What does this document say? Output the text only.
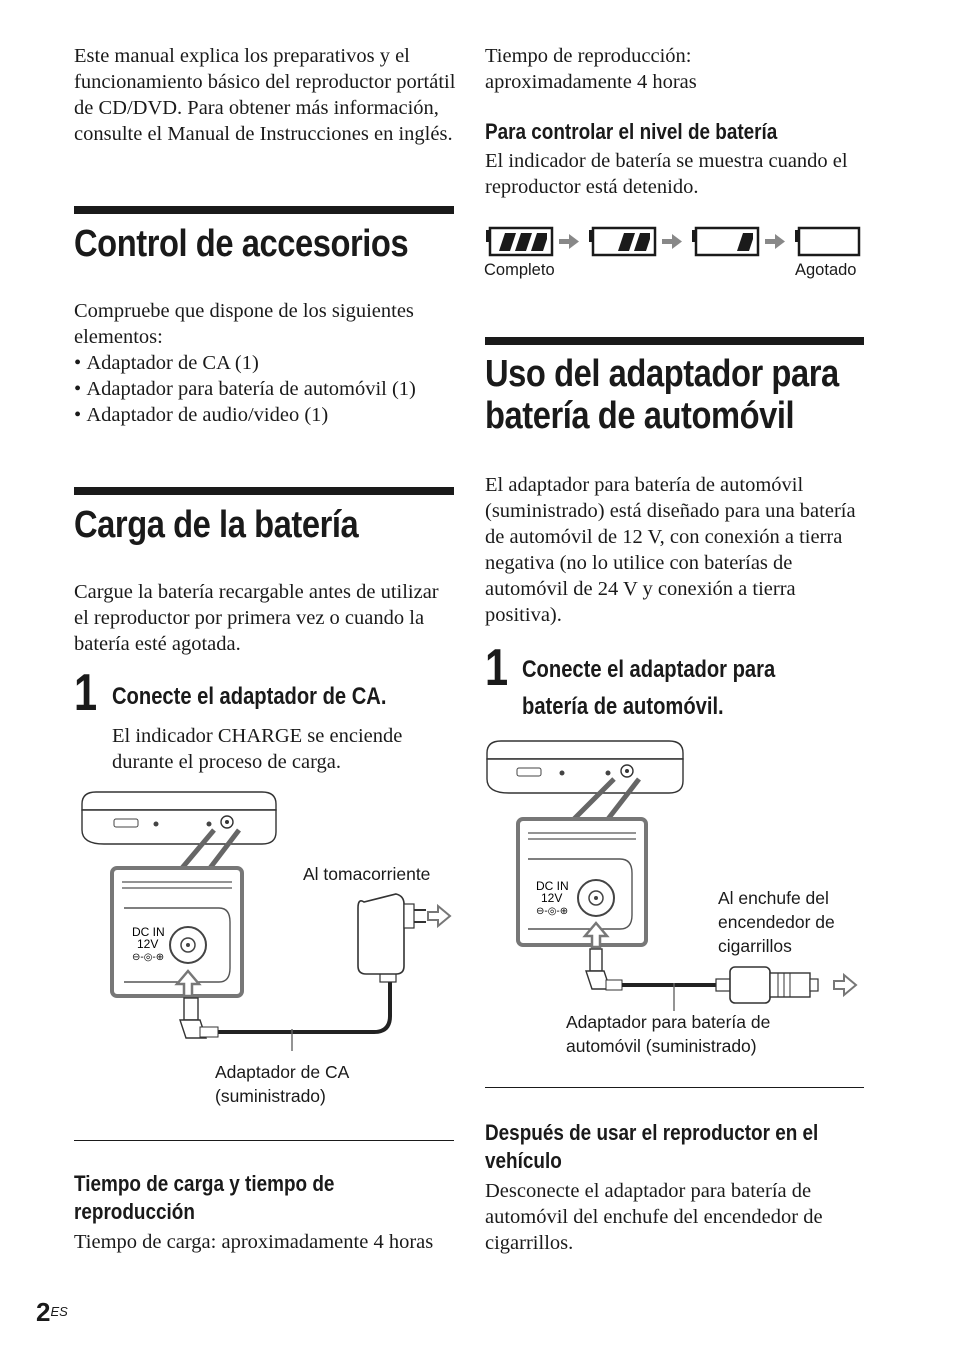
Este manual explica los preparativos y el funcionamiento básico del reproductor portátil de CD/DVD. Para obtener más información, consulte el Manual de Instrucciones en inglés.

Control de accesorios

Compruebe que dispone de los siguientes elementos:

• Adaptador de CA (1)
• Adaptador para batería de automóvil (1)
• Adaptador de audio/video (1)
Carga de la batería

Cargue la batería recargable antes de utilizar el reproductor por primera vez o cuando la batería esté agotada.

1 Conecte el adaptador de CA.

El indicador CHARGE se enciende durante el proceso de carga.

DC IN
12V
⊖-◎-⊕
Al tomacorriente
Adaptador de CA
(suministrado)
Tiempo de carga y tiempo de
reproducción

Tiempo de carga: aproximadamente 4 horas

Tiempo de reproducción: aproximadamente 4 horas

Para controlar el nivel de batería

El indicador de batería se muestra cuando el reproductor está detenido.

Completo	Agotado
Uso del adaptador para
batería de automóvil

El adaptador para batería de automóvil (suministrado) está diseñado para una batería de automóvil de 12 V, con conexión a tierra negativa (no lo utilice con baterías de automóvil de 24 V y conexión a tierra positiva).

1 Conecte el adaptador para
batería de automóvil.
DC IN
12V
⊖-◎-⊕
Al enchufe del
encendedor de
cigarrillos
Adaptador para batería de
automóvil (suministrado)
Después de usar el reproductor en el
vehículo

Desconecte el adaptador para batería de automóvil del enchufe del encendedor de cigarrillos.

$2^{ES}$
